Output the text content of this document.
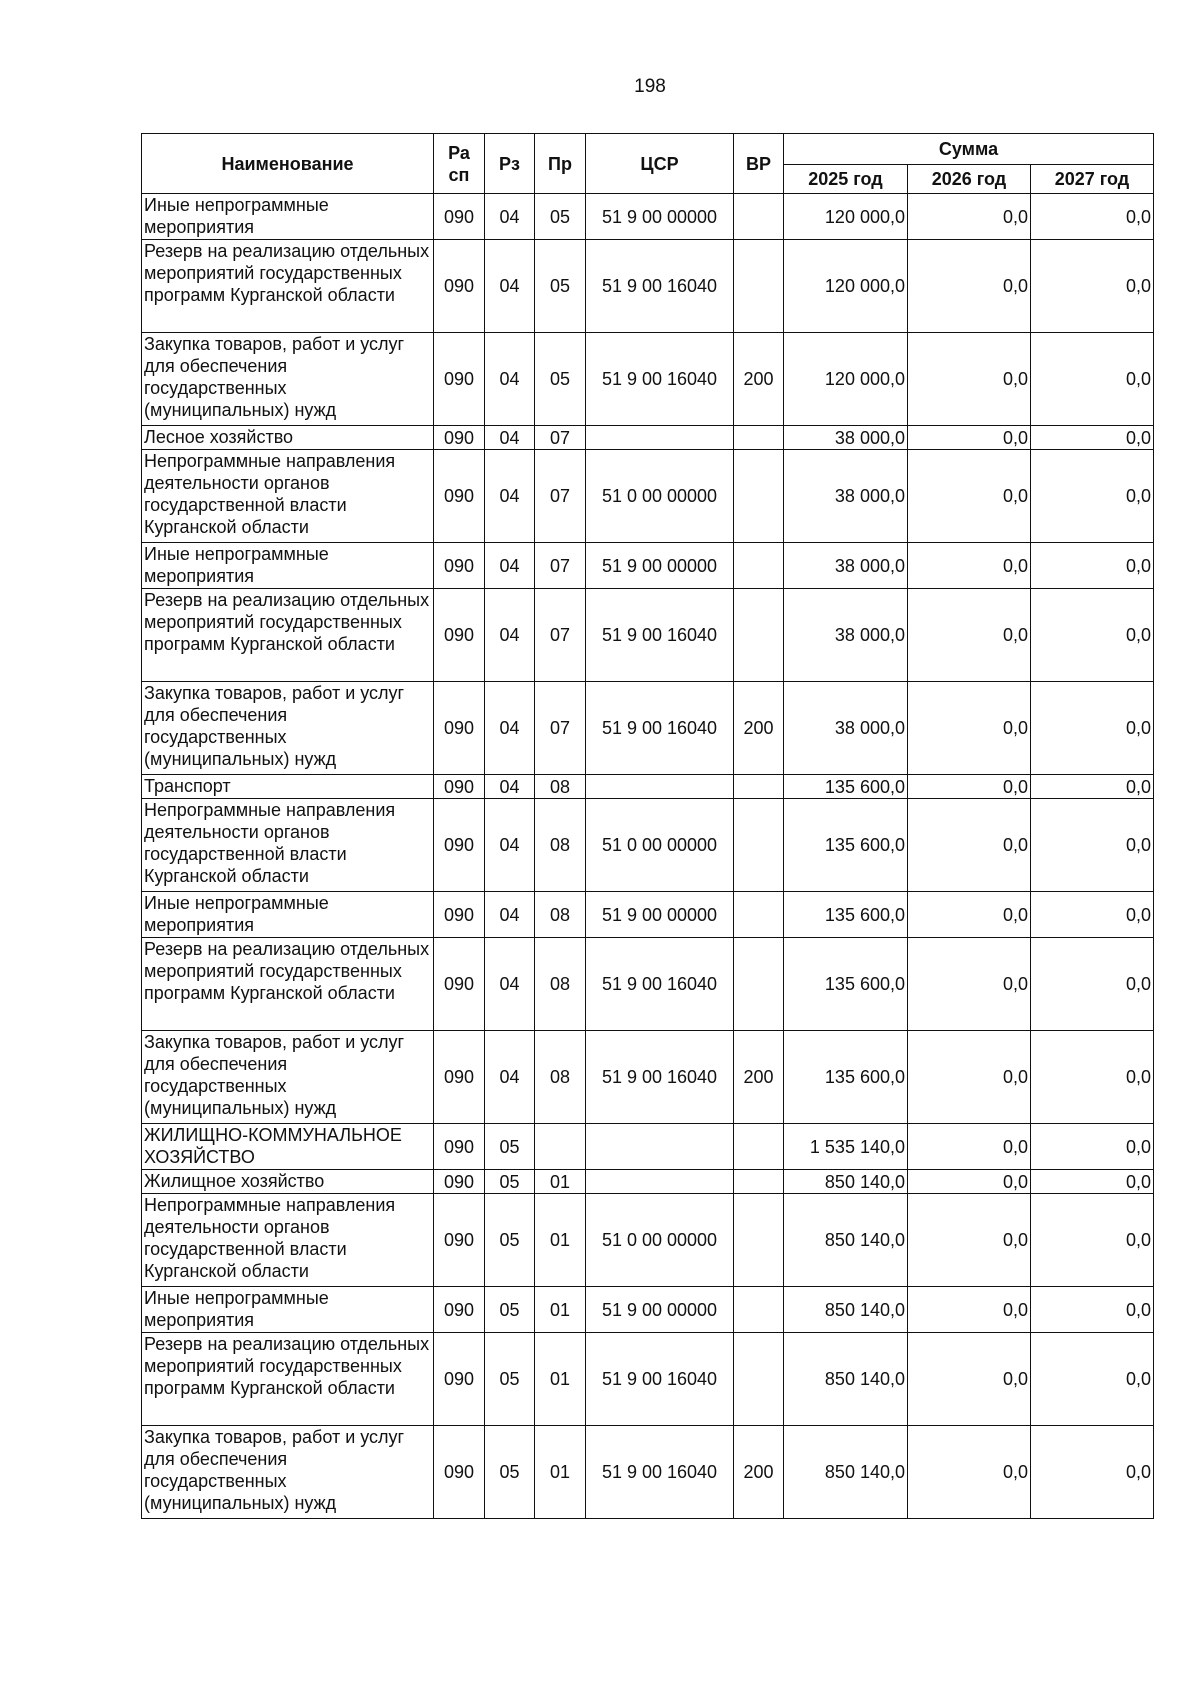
198
Наименование	Ра сп	Рз	Пр	ЦСР	ВР	Сумма		
						2025 год	2026 год	2027 год
Иные непрограммные мероприятия	090	04	05	51 9 00 00000		120 000,0	0,0	0,0
Резерв на реализацию отдельных мероприятий государственных программ Курганской области	090	04	05	51 9 00 16040		120 000,0	0,0	0,0
Закупка товаров, работ и услуг для обеспечения государственных (муниципальных) нужд	090	04	05	51 9 00 16040	200	120 000,0	0,0	0,0
Лесное хозяйство	090	04	07			38 000,0	0,0	0,0
Непрограммные направления деятельности органов государственной власти Курганской области	090	04	07	51 0 00 00000		38 000,0	0,0	0,0
Иные непрограммные мероприятия	090	04	07	51 9 00 00000		38 000,0	0,0	0,0
Резерв на реализацию отдельных мероприятий государственных программ Курганской области	090	04	07	51 9 00 16040		38 000,0	0,0	0,0
Закупка товаров, работ и услуг для обеспечения государственных (муниципальных) нужд	090	04	07	51 9 00 16040	200	38 000,0	0,0	0,0
Транспорт	090	04	08			135 600,0	0,0	0,0
Непрограммные направления деятельности органов государственной власти Курганской области	090	04	08	51 0 00 00000		135 600,0	0,0	0,0
Иные непрограммные мероприятия	090	04	08	51 9 00 00000		135 600,0	0,0	0,0
Резерв на реализацию отдельных мероприятий государственных программ Курганской области	090	04	08	51 9 00 16040		135 600,0	0,0	0,0
Закупка товаров, работ и услуг для обеспечения государственных (муниципальных) нужд	090	04	08	51 9 00 16040	200	135 600,0	0,0	0,0
ЖИЛИЩНО-КОММУНАЛЬНОЕ ХОЗЯЙСТВО	090	05				1 535 140,0	0,0	0,0
Жилищное хозяйство	090	05	01			850 140,0	0,0	0,0
Непрограммные направления деятельности органов государственной власти Курганской области	090	05	01	51 0 00 00000		850 140,0	0,0	0,0
Иные непрограммные мероприятия	090	05	01	51 9 00 00000		850 140,0	0,0	0,0
Резерв на реализацию отдельных мероприятий государственных программ Курганской области	090	05	01	51 9 00 16040		850 140,0	0,0	0,0
Закупка товаров, работ и услуг для обеспечения государственных (муниципальных) нужд	090	05	01	51 9 00 16040	200	850 140,0	0,0	0,0
